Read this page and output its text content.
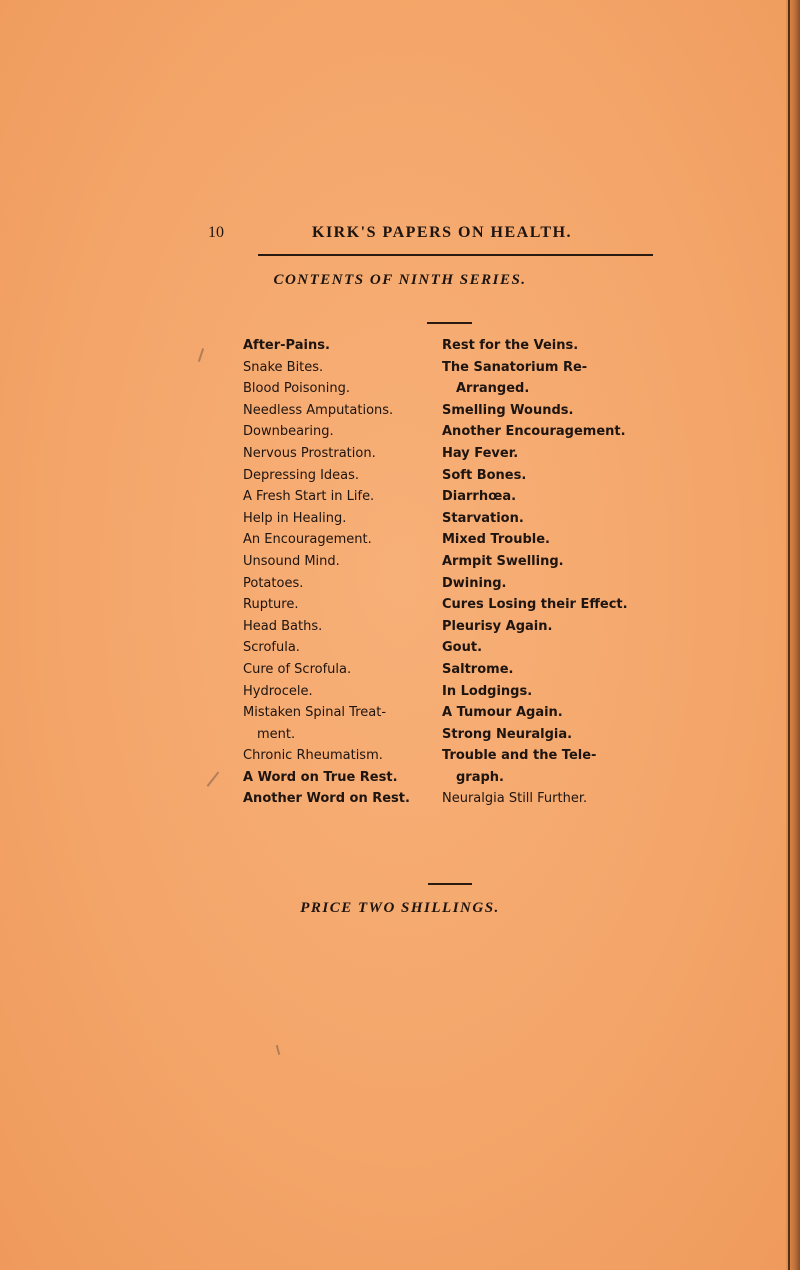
10	KIRK'S PAPERS ON HEALTH.
CONTENTS OF NINTH SERIES.
After-Pains.
Snake Bites.
Blood Poisoning.
Needless Amputations.
Downbearing.
Nervous Prostration.
Depressing Ideas.
A Fresh Start in Life.
Help in Healing.
An Encouragement.
Unsound Mind.
Potatoes.
Rupture.
Head Baths.
Scrofula.
Cure of Scrofula.
Hydrocele.
Mistaken Spinal Treat-
ment.
Chronic Rheumatism.
A Word on True Rest.
Another Word on Rest.
Rest for the Veins.
The Sanatorium Re-
Arranged.
Smelling Wounds.
Another Encouragement.
Hay Fever.
Soft Bones.
Diarrhœa.
Starvation.
Mixed Trouble.
Armpit Swelling.
Dwining.
Cures Losing their Effect.
Pleurisy Again.
Gout.
Saltrome.
In Lodgings.
A Tumour Again.
Strong Neuralgia.
Trouble and the Tele-
graph.
Neuralgia Still Further.
PRICE TWO SHILLINGS.
